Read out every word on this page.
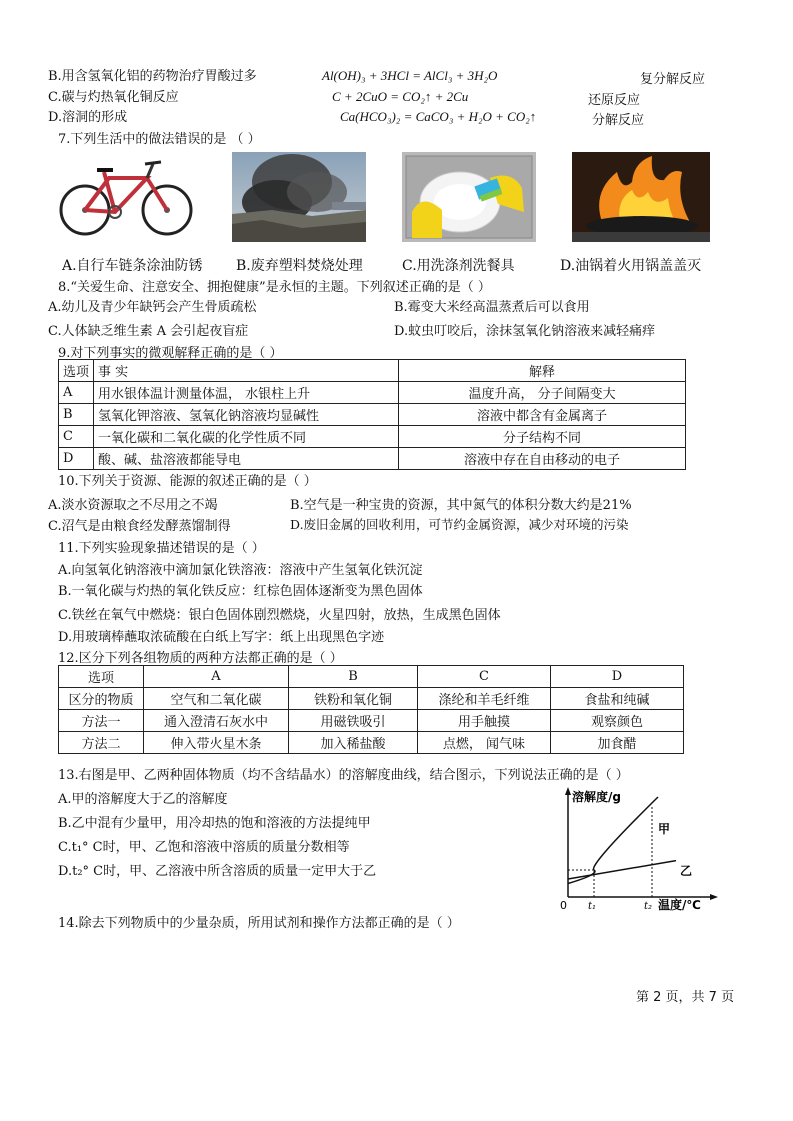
B.用含氢氧化铝的药物治疗胃酸过多	Al(OH)₃ + 3HCl = AlCl₃ + 3H₂O	复分解反应
C.碳与灼热氧化铜反应	C + 2CuO = CO₂↑ + 2Cu	还原反应
D.溶洞的形成	Ca(HCO₃)₂ = CaCO₃ + H₂O + CO₂↑	分解反应
7.下列生活中的做法错误的是 （ ）
A.自行车链条涂油防锈 B.废弃塑料焚烧处理	C.用洗涤剂洗餐具	D.油锅着火用锅盖盖灭
8.“关爱生命、注意安全、拥抱健康”是永恒的主题。下列叙述正确的是（ ）
A.幼儿及青少年缺钙会产生骨质疏松	B.霉变大米经高温蒸煮后可以食用
C.人体缺乏维生素 A 会引起夜盲症	D.蚊虫叮咬后，涂抹氢氧化钠溶液来减轻痛痒
9.对下列事实的微观解释正确的是（ ）
选项	事 实	解释
A	用水银体温计测量体温， 水银柱上升	温度升高， 分子间隔变大
B	氢氧化钾溶液、氢氧化钠溶液均显碱性	溶液中都含有金属离子
C	一氧化碳和二氧化碳的化学性质不同	分子结构不同
D	酸、碱、盐溶液都能导电	溶液中存在自由移动的电子
10.下列关于资源、能源的叙述正确的是（ ）
A.淡水资源取之不尽用之不竭	B.空气是一种宝贵的资源，其中氮气的体积分数大约是21%
C.沼气是由粮食经发酵蒸馏制得	D.废旧金属的回收利用，可节约金属资源，减少对环境的污染
11.下列实验现象描述错误的是（ ）
A.向氢氧化钠溶液中滴加氯化铁溶液：溶液中产生氢氧化铁沉淀
B.一氧化碳与灼热的氧化铁反应：红棕色固体逐渐变为黑色固体
C.铁丝在氧气中燃烧：银白色固体剧烈燃烧，火星四射，放热，生成黑色固体
D.用玻璃棒蘸取浓硫酸在白纸上写字：纸上出现黑色字迹
12.区分下列各组物质的两种方法都正确的是（ ）
选项	A	B	C	D
区分的物质	空气和二氧化碳	铁粉和氧化铜	涤纶和羊毛纤维	食盐和纯碱
方法一	通入澄清石灰水中	用磁铁吸引	用手触摸	观察颜色
方法二	伸入带火星木条	加入稀盐酸	点燃， 闻气味	加食醋
13.右图是甲、乙两种固体物质（均不含结晶水）的溶解度曲线，结合图示，下列说法正确的是（ ）
A.甲的溶解度大于乙的溶解度
B.乙中混有少量甲，用冷却热的饱和溶液的方法提纯甲
C.t₁° C时，甲、乙饱和溶液中溶质的质量分数相等
D.t₂° C时，甲、乙溶液中所含溶质的质量一定甲大于乙
溶解度/g
0 t₁	t₂ 温度/℃
甲
乙
14.除去下列物质中的少量杂质，所用试剂和操作方法都正确的是（ ）
第 2 页，共 7 页
